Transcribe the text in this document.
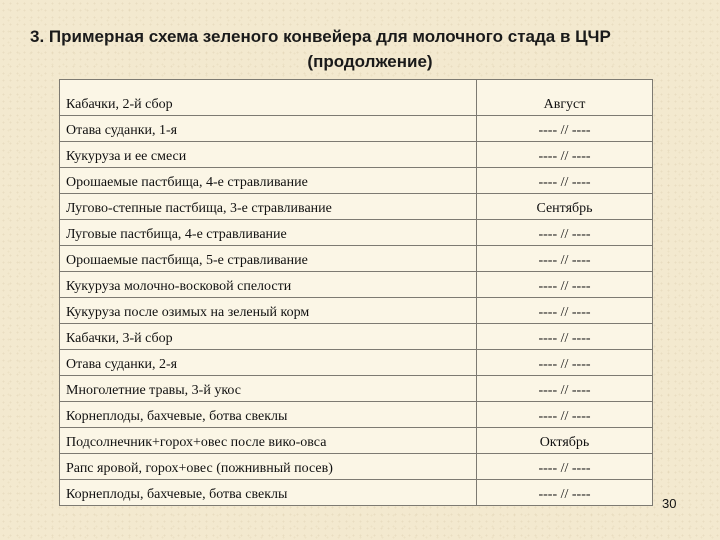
3. Примерная схема зеленого конвейера для молочного стада в ЦЧР
(продолжение)
Кабачки, 2-й сбор	Август
Отава суданки, 1-я	---- // ----
Кукуруза и ее смеси	---- // ----
Орошаемые пастбища, 4-е стравливание	---- // ----
Лугово-степные пастбища, 3-е стравливание	Сентябрь
Луговые пастбища, 4-е стравливание	---- // ----
Орошаемые пастбища, 5-е стравливание	---- // ----
Кукуруза молочно-восковой спелости	---- // ----
Кукуруза после озимых на зеленый корм	---- // ----
Кабачки, 3-й сбор	---- // ----
Отава суданки, 2-я	---- // ----
Многолетние травы, 3-й укос	---- // ----
Корнеплоды, бахчевые, ботва свеклы	---- // ----
Подсолнечник+горох+овес после вико-овса	Октябрь
Рапс яровой, горох+овес (пожнивный посев)	---- // ----
Корнеплоды, бахчевые, ботва свеклы	---- // ----
30
